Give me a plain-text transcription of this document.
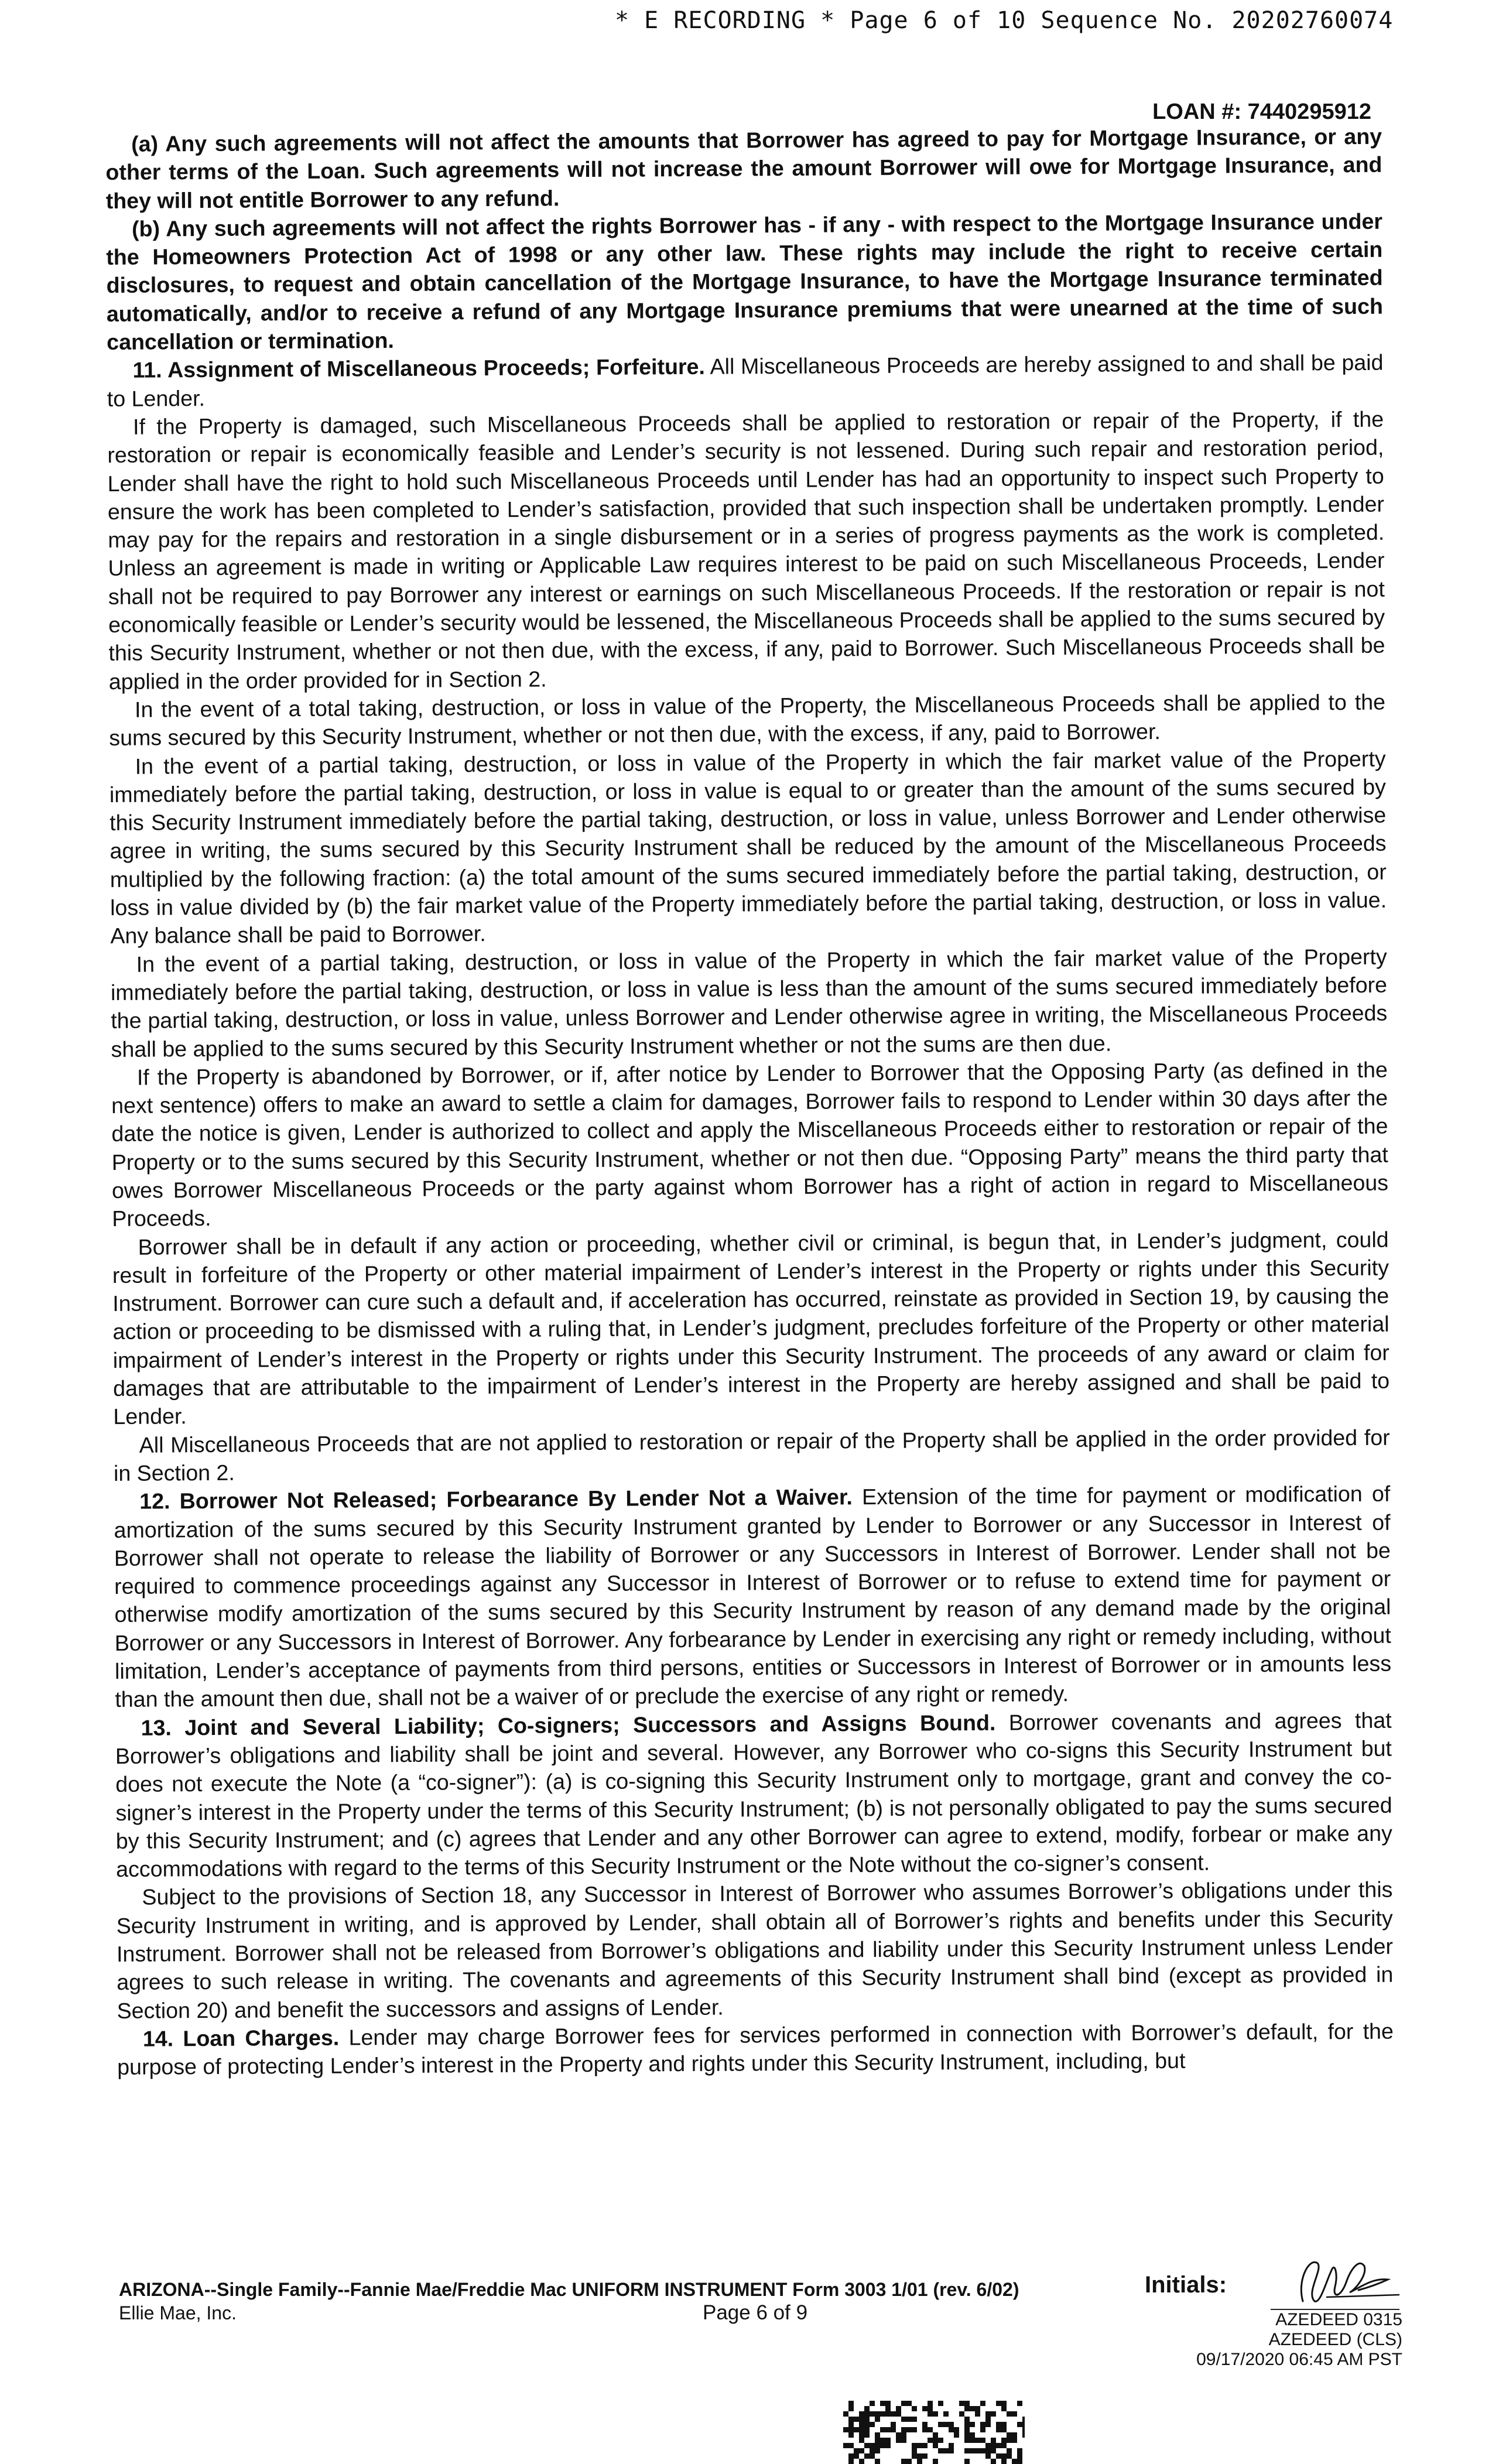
* E RECORDING * Page 6 of 10 Sequence No. 20202760074
LOAN #: 7440295912

(a) Any such agreements will not affect the amounts that Borrower has agreed to pay for Mortgage Insurance, or any other terms of the Loan. Such agreements will not increase the amount Borrower will owe for Mortgage Insurance, and they will not entitle Borrower to any refund.

(b) Any such agreements will not affect the rights Borrower has - if any - with respect to the Mortgage Insurance under the Homeowners Protection Act of 1998 or any other law. These rights may include the right to receive certain disclosures, to request and obtain cancellation of the Mortgage Insurance, to have the Mortgage Insurance terminated automatically, and/or to receive a refund of any Mortgage Insurance premiums that were unearned at the time of such cancellation or termination.

11. Assignment of Miscellaneous Proceeds; Forfeiture. All Miscellaneous Proceeds are hereby assigned to and shall be paid to Lender.

If the Property is damaged, such Miscellaneous Proceeds shall be applied to restoration or repair of the Property, if the restoration or repair is economically feasible and Lender’s security is not lessened. During such repair and restoration period, Lender shall have the right to hold such Miscellaneous Proceeds until Lender has had an opportunity to inspect such Property to ensure the work has been completed to Lender’s satisfaction, provided that such inspection shall be undertaken promptly. Lender may pay for the repairs and restoration in a single disbursement or in a series of progress payments as the work is completed. Unless an agreement is made in writing or Applicable Law requires interest to be paid on such Miscellaneous Proceeds, Lender shall not be required to pay Borrower any interest or earnings on such Miscellaneous Proceeds. If the restoration or repair is not economically feasible or Lender’s security would be lessened, the Miscellaneous Proceeds shall be applied to the sums secured by this Security Instrument, whether or not then due, with the excess, if any, paid to Borrower. Such Miscellaneous Proceeds shall be applied in the order provided for in Section 2.

In the event of a total taking, destruction, or loss in value of the Property, the Miscellaneous Proceeds shall be applied to the sums secured by this Security Instrument, whether or not then due, with the excess, if any, paid to Borrower.

In the event of a partial taking, destruction, or loss in value of the Property in which the fair market value of the Property immediately before the partial taking, destruction, or loss in value is equal to or greater than the amount of the sums secured by this Security Instrument immediately before the partial taking, destruction, or loss in value, unless Borrower and Lender otherwise agree in writing, the sums secured by this Security Instrument shall be reduced by the amount of the Miscellaneous Proceeds multiplied by the following fraction: (a) the total amount of the sums secured immediately before the partial taking, destruction, or loss in value divided by (b) the fair market value of the Property immediately before the partial taking, destruction, or loss in value. Any balance shall be paid to Borrower.

In the event of a partial taking, destruction, or loss in value of the Property in which the fair market value of the Property immediately before the partial taking, destruction, or loss in value is less than the amount of the sums secured immediately before the partial taking, destruction, or loss in value, unless Borrower and Lender otherwise agree in writing, the Miscellaneous Proceeds shall be applied to the sums secured by this Security Instrument whether or not the sums are then due.

If the Property is abandoned by Borrower, or if, after notice by Lender to Borrower that the Opposing Party (as defined in the next sentence) offers to make an award to settle a claim for damages, Borrower fails to respond to Lender within 30 days after the date the notice is given, Lender is authorized to collect and apply the Miscellaneous Proceeds either to restoration or repair of the Property or to the sums secured by this Security Instrument, whether or not then due. “Opposing Party” means the third party that owes Borrower Miscellaneous Proceeds or the party against whom Borrower has a right of action in regard to Miscellaneous Proceeds.

Borrower shall be in default if any action or proceeding, whether civil or criminal, is begun that, in Lender’s judgment, could result in forfeiture of the Property or other material impairment of Lender’s interest in the Property or rights under this Security Instrument. Borrower can cure such a default and, if acceleration has occurred, reinstate as provided in Section 19, by causing the action or proceeding to be dismissed with a ruling that, in Lender’s judgment, precludes forfeiture of the Property or other material impairment of Lender’s interest in the Property or rights under this Security Instrument. The proceeds of any award or claim for damages that are attributable to the impairment of Lender’s interest in the Property are hereby assigned and shall be paid to Lender.

All Miscellaneous Proceeds that are not applied to restoration or repair of the Property shall be applied in the order provided for in Section 2.

12. Borrower Not Released; Forbearance By Lender Not a Waiver. Extension of the time for payment or modification of amortization of the sums secured by this Security Instrument granted by Lender to Borrower or any Successor in Interest of Borrower shall not operate to release the liability of Borrower or any Successors in Interest of Borrower. Lender shall not be required to commence proceedings against any Successor in Interest of Borrower or to refuse to extend time for payment or otherwise modify amortization of the sums secured by this Security Instrument by reason of any demand made by the original Borrower or any Successors in Interest of Borrower. Any forbearance by Lender in exercising any right or remedy including, without limitation, Lender’s acceptance of payments from third persons, entities or Successors in Interest of Borrower or in amounts less than the amount then due, shall not be a waiver of or preclude the exercise of any right or remedy.

13. Joint and Several Liability; Co-signers; Successors and Assigns Bound. Borrower covenants and agrees that Borrower’s obligations and liability shall be joint and several. However, any Borrower who co-signs this Security Instrument but does not execute the Note (a “co-signer”): (a) is co-signing this Security Instrument only to mortgage, grant and convey the co-signer’s interest in the Property under the terms of this Security Instrument; (b) is not personally obligated to pay the sums secured by this Security Instrument; and (c) agrees that Lender and any other Borrower can agree to extend, modify, forbear or make any accommodations with regard to the terms of this Security Instrument or the Note without the co-signer’s consent.

Subject to the provisions of Section 18, any Successor in Interest of Borrower who assumes Borrower’s obligations under this Security Instrument in writing, and is approved by Lender, shall obtain all of Borrower’s rights and benefits under this Security Instrument. Borrower shall not be released from Borrower’s obligations and liability under this Security Instrument unless Lender agrees to such release in writing. The covenants and agreements of this Security Instrument shall bind (except as provided in Section 20) and benefit the successors and assigns of Lender.

14. Loan Charges. Lender may charge Borrower fees for services performed in connection with Borrower’s default, for the purpose of protecting Lender’s interest in the Property and rights under this Security Instrument, including, but

ARIZONA--Single Family--Fannie Mae/Freddie Mac UNIFORM INSTRUMENT Form 3003 1/01 (rev. 6/02)
Ellie Mae, Inc.	Page 6 of 9
Initials:
AZEDEED 0315
AZEDEED (CLS)
09/17/2020 06:45 AM PST
